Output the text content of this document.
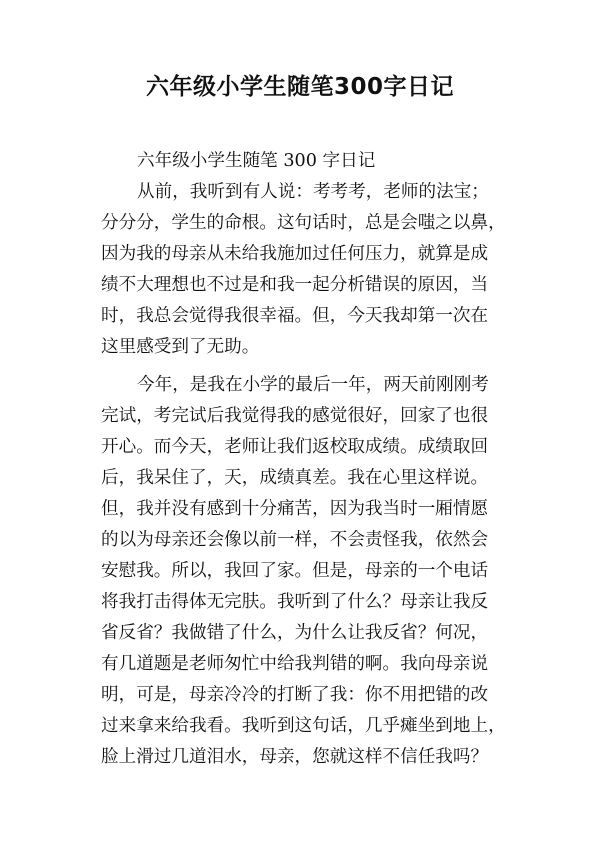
六年级小学生随笔300字日记
六年级小学生随笔 300 字日记
从前，我听到有人说：考考考，老师的法宝；
分分分，学生的命根。这句话时，总是会嗤之以鼻，
因为我的母亲从未给我施加过任何压力，就算是成
绩不大理想也不过是和我一起分析错误的原因，当
时，我总会觉得我很幸福。但，今天我却第一次在
这里感受到了无助。
今年，是我在小学的最后一年，两天前刚刚考
完试，考完试后我觉得我的感觉很好，回家了也很
开心。而今天，老师让我们返校取成绩。成绩取回
后，我呆住了，天，成绩真差。我在心里这样说。
但，我并没有感到十分痛苦，因为我当时一厢情愿
的以为母亲还会像以前一样，不会责怪我，依然会
安慰我。所以，我回了家。但是，母亲的一个电话
将我打击得体无完肤。我听到了什么？母亲让我反
省反省？我做错了什么，为什么让我反省？何况，
有几道题是老师匆忙中给我判错的啊。我向母亲说
明，可是，母亲冷冷的打断了我：你不用把错的改
过来拿来给我看。我听到这句话，几乎瘫坐到地上，
脸上滑过几道泪水，母亲，您就这样不信任我吗？
